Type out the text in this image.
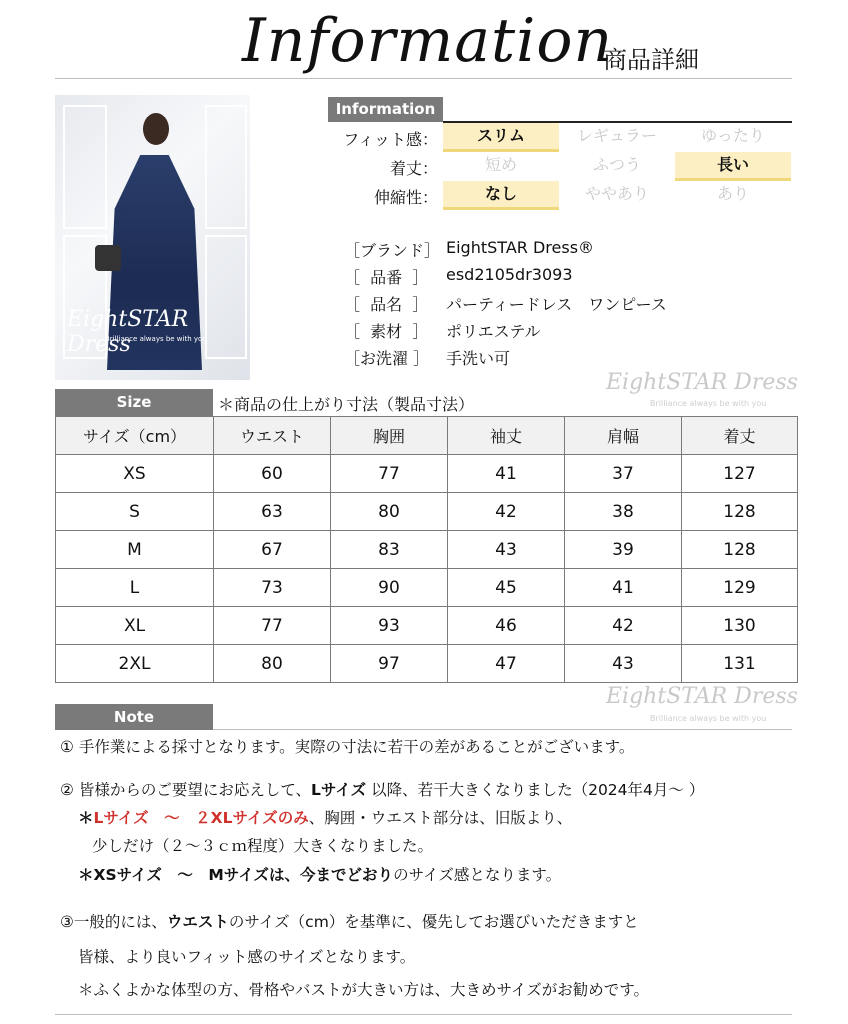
Information
商品詳細
EightSTAR Dress
Brilliance always be with you
Information
フィット感：	スリム	レギュラー	ゆったり
着丈：	短め	ふつう	長い
伸縮性：	なし	ややあり	あり
［ブランド］ EightSTAR Dress®
［  品番  ］	esd2105dr3093
［  品名  ］	パーティードレス　ワンピース
［  素材  ］	ポリエステル
［お洗濯 ］	手洗い可
EightSTAR Dress
Brilliance always be with you
EightSTAR Dress
Brilliance always be with you
Size	＊商品の仕上がり寸法（製品寸法）
サイズ（cm）	ウエスト	胸囲	袖丈	肩幅	着丈
XS	60	77	41	37	127
S	63	80	42	38	128
M	67	83	43	39	128
L	73	90	45	41	129
XL	77	93	46	42	130
2XL	80	97	47	43	131
Note
① 手作業による採寸となります。実際の寸法に若干の差があることがございます。
② 皆様からのご要望にお応えして、Lサイズ 以降、若干大きくなりました（2024年4月〜 ）
＊Lサイズ　〜　２XLサイズのみ、胸囲・ウエスト部分は、旧版より、
少しだけ（２〜３ｃｍ程度）大きくなりました。
＊XSサイズ　〜　Mサイズは、今までどおりのサイズ感となります。
③一般的には、ウエストのサイズ（cm）を基準に、優先してお選びいただきますと
皆様、より良いフィット感のサイズとなります。
＊ふくよかな体型の方、骨格やバストが大きい方は、大きめサイズがお勧めです。
